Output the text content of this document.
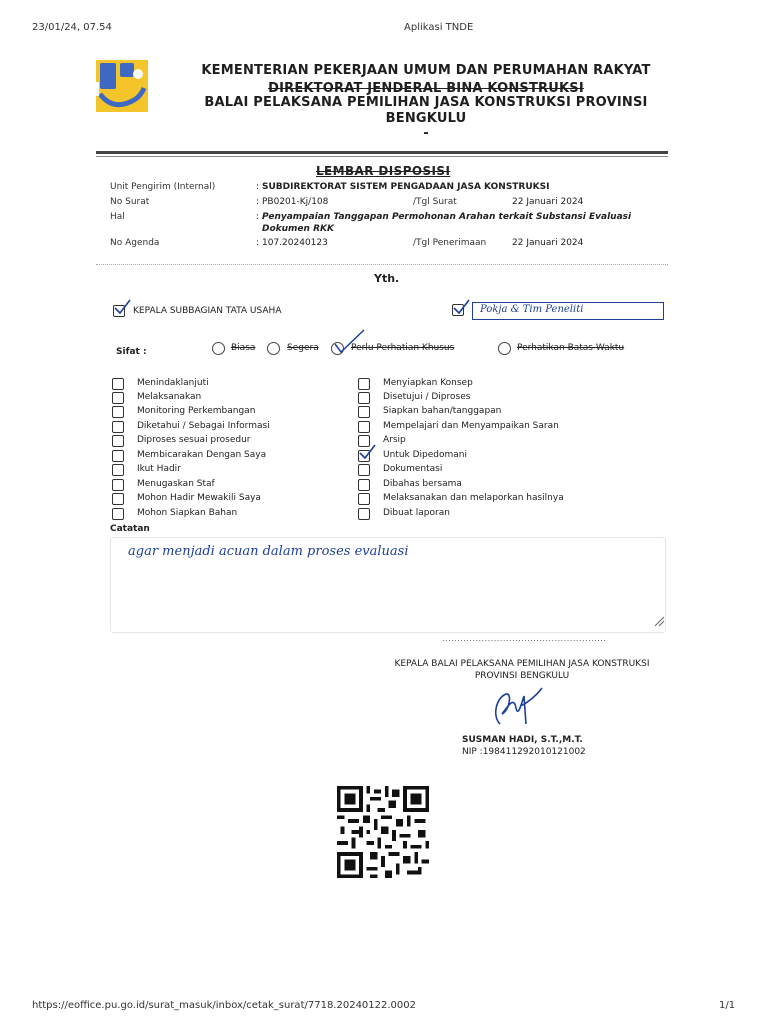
23/01/24, 07.54	Aplikasi TNDE
KEMENTERIAN PEKERJAAN UMUM DAN PERUMAHAN RAKYAT
DIREKTORAT JENDERAL BINA KONSTRUKSI
BALAI PELAKSANA PEMILIHAN JASA KONSTRUKSI PROVINSI
BENGKULU
-
LEMBAR DISPOSISI
Unit Pengirim (Internal)	: SUBDIREKTORAT SISTEM PENGADAAN JASA KONSTRUKSI
No Surat	: PB0201-Kj/108	/Tgl Surat	22 Januari 2024
Hal	: Penyampaian Tanggapan Permohonan Arahan terkait Substansi Evaluasi
Dokumen RKK
No Agenda	: 107.20240123	/Tgl Penerimaan	22 Januari 2024
Yth.
KEPALA SUBBAGIAN TATA USAHA	Pokja & Tim Peneliti
Sifat :	Biasa	Segera	Perlu Perhatian Khusus	Perhatikan Batas Waktu
Menindaklanjuti
Melaksanakan
Monitoring Perkembangan
Diketahui / Sebagai Informasi
Diproses sesuai prosedur
Membicarakan Dengan Saya
Ikut Hadir
Menugaskan Staf
Mohon Hadir Mewakili Saya
Mohon Siapkan Bahan
Menyiapkan Konsep
Disetujui / Diproses
Siapkan bahan/tanggapan
Mempelajari dan Menyampaikan Saran
Arsip
Untuk Dipedomani
Dokumentasi
Dibahas bersama
Melaksanakan dan melaporkan hasilnya
Dibuat laporan
Catatan
agar menjadi acuan dalam proses evaluasi
......................................................
KEPALA BALAI PELAKSANA PEMILIHAN JASA KONSTRUKSI
PROVINSI BENGKULU
SUSMAN HADI, S.T.,M.T.
NIP :198411292010121002
https://eoffice.pu.go.id/surat_masuk/inbox/cetak_surat/7718.20240122.0002	1/1
